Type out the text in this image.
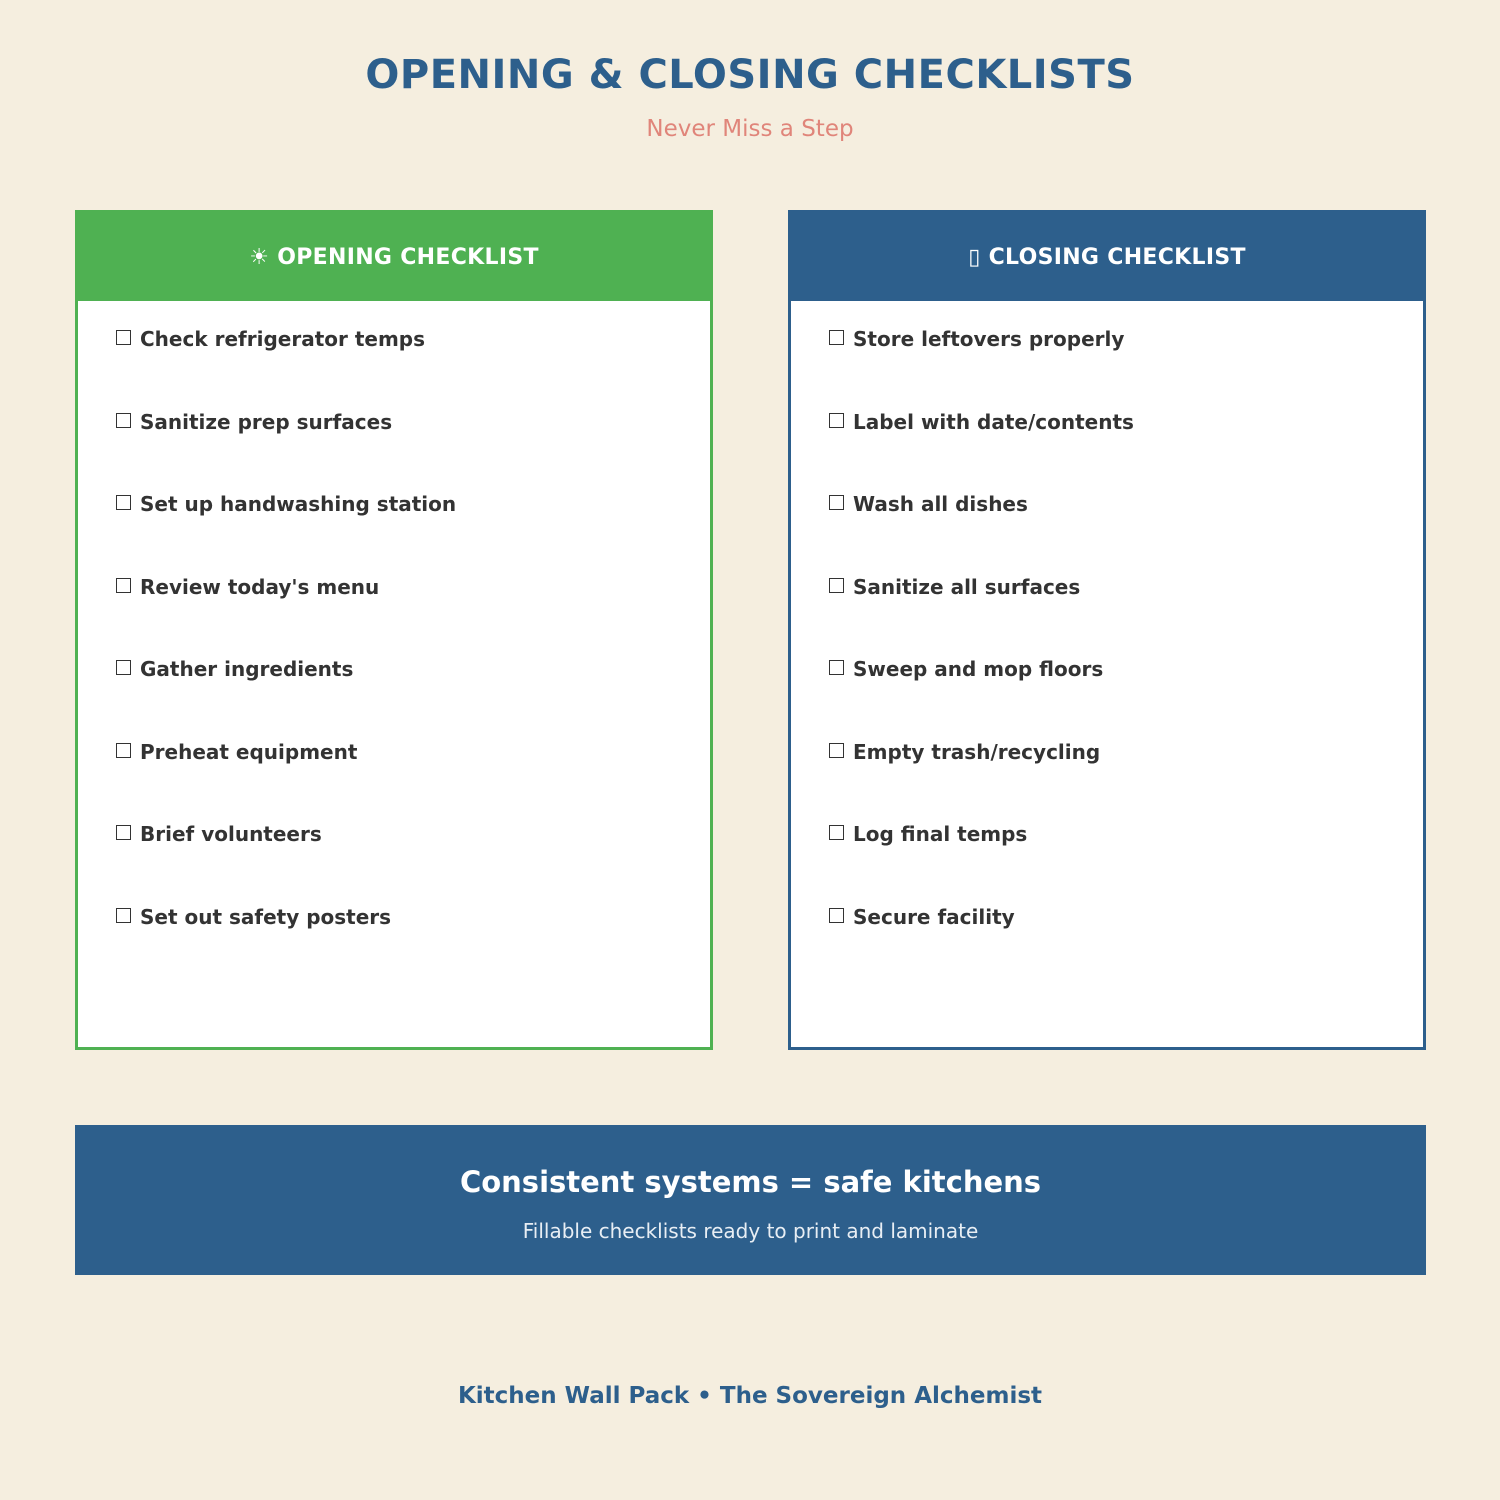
OPENING & CLOSING CHECKLISTS
Never Miss a Step
☀ OPENING CHECKLIST
Check refrigerator temps
Sanitize prep surfaces
Set up handwashing station
Review today's menu
Gather ingredients
Preheat equipment
Brief volunteers
Set out safety posters
▯ CLOSING CHECKLIST
Store leftovers properly
Label with date/contents
Wash all dishes
Sanitize all surfaces
Sweep and mop floors
Empty trash/recycling
Log final temps
Secure facility
Consistent systems = safe kitchens
Fillable checklists ready to print and laminate
Kitchen Wall Pack • The Sovereign Alchemist
